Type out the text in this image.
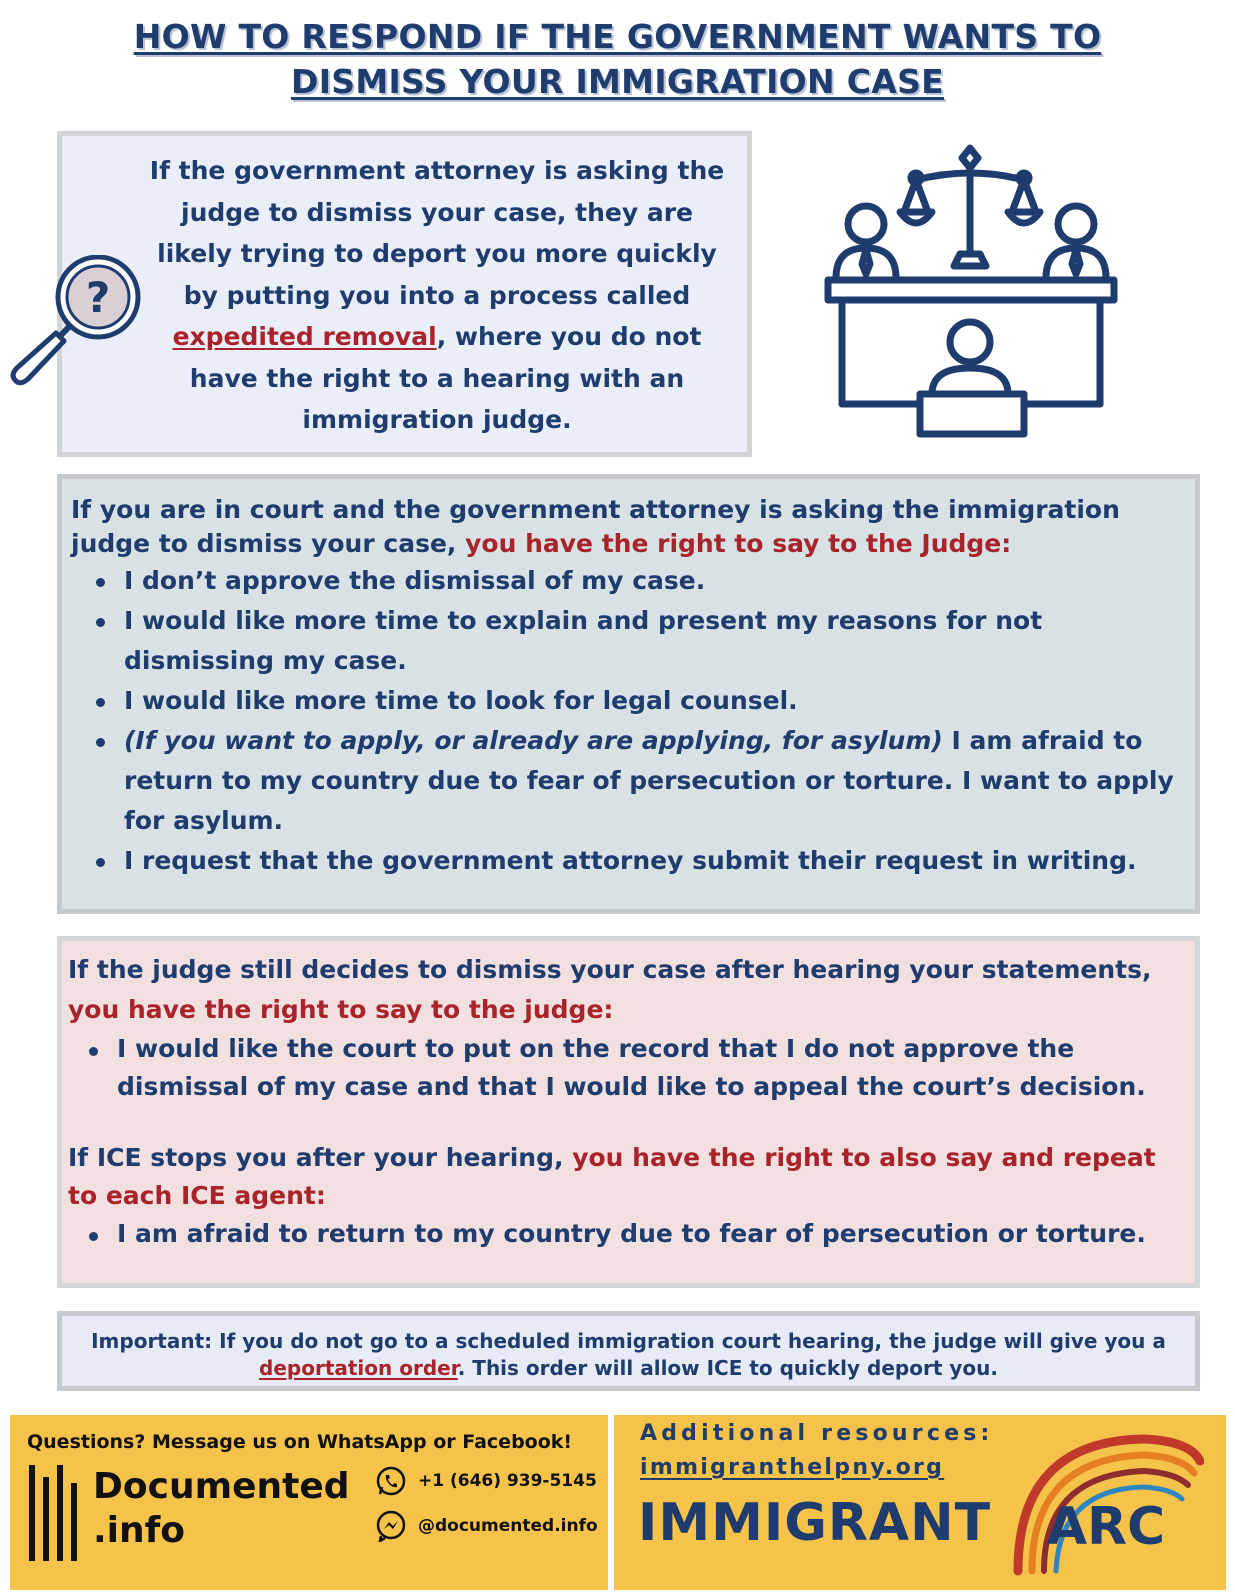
HOW TO RESPOND IF THE GOVERNMENT WANTS TO
DISMISS YOUR IMMIGRATION CASE
If the government attorney is asking the judge to dismiss your case, they are likely trying to deport you more quickly by putting you into a process called expedited removal, where you do not have the right to a hearing with an immigration judge.
?
If you are in court and the government attorney is asking the immigration judge to dismiss your case, you have the right to say to the Judge:
I don’t approve the dismissal of my case.
I would like more time to explain and present my reasons for not dismissing my case.
I would like more time to look for legal counsel.
(If you want to apply, or already are applying, for asylum) I am afraid to return to my country due to fear of persecution or torture. I want to apply for asylum.
I request that the government attorney submit their request in writing.
If the judge still decides to dismiss your case after hearing your statements,
you have the right to say to the judge:
I would like the court to put on the record that I do not approve the dismissal of my case and that I would like to appeal the court’s decision.
If ICE stops you after your hearing, you have the right to also say and repeat to each ICE agent:
I am afraid to return to my country due to fear of persecution or torture.
Important: If you do not go to a scheduled immigration court hearing, the judge will give you a deportation order. This order will allow ICE to quickly deport you.
Questions? Message us on WhatsApp or Facebook!
Documented
.info
+1 (646) 939-5145
@documented.info
Additional resources:
immigranthelpny.org
IMMIGRANT	ARC
